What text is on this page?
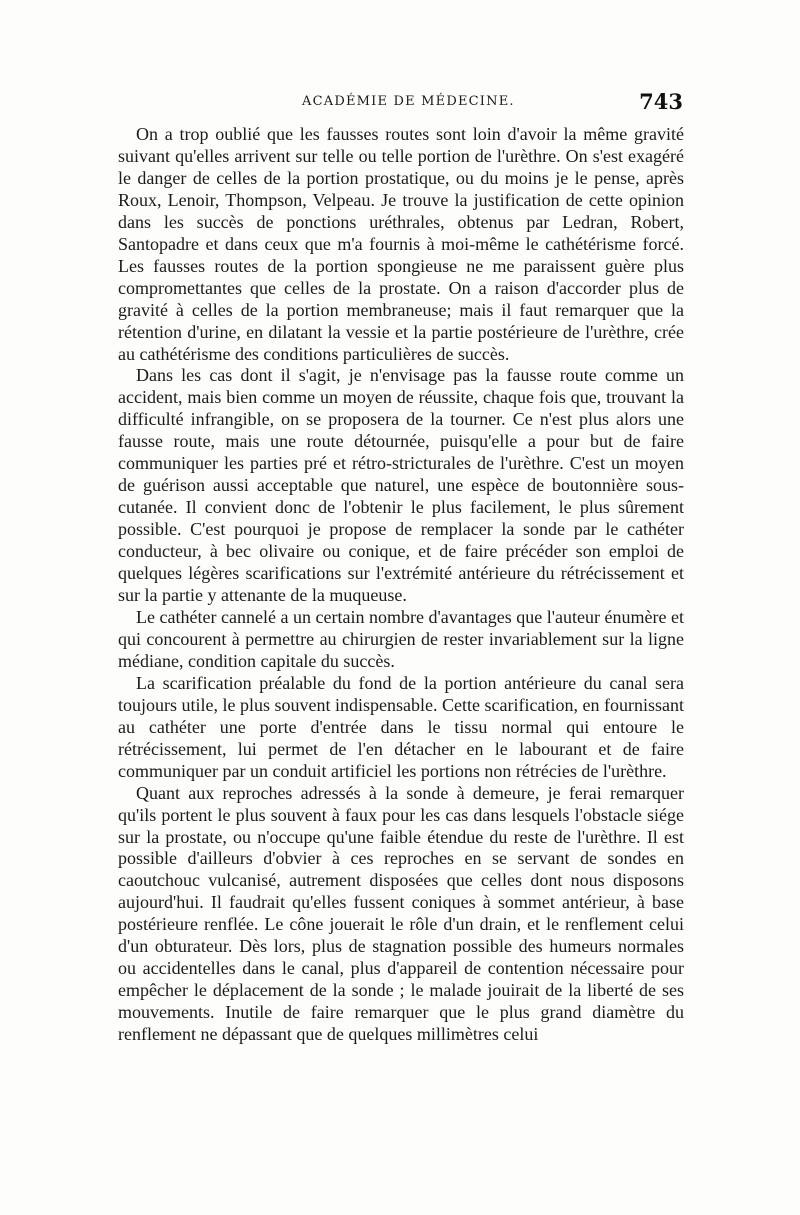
ACADÉMIE DE MÉDECINE.	743

On a trop oublié que les fausses routes sont loin d'avoir la même gravité suivant qu'elles arrivent sur telle ou telle portion de l'urèthre. On s'est exagéré le danger de celles de la portion prostatique, ou du moins je le pense, après Roux, Lenoir, Thompson, Velpeau. Je trouve la justification de cette opinion dans les succès de ponctions uréthrales, obtenus par Ledran, Robert, Santopadre et dans ceux que m'a fournis à moi-même le cathétérisme forcé. Les fausses routes de la portion spongieuse ne me paraissent guère plus compromettantes que celles de la prostate. On a raison d'accorder plus de gravité à celles de la portion membraneuse; mais il faut remarquer que la rétention d'urine, en dilatant la vessie et la partie postérieure de l'urèthre, crée au cathétérisme des conditions particulières de succès.

Dans les cas dont il s'agit, je n'envisage pas la fausse route comme un accident, mais bien comme un moyen de réussite, chaque fois que, trouvant la difficulté infrangible, on se proposera de la tourner. Ce n'est plus alors une fausse route, mais une route détournée, puisqu'elle a pour but de faire communiquer les parties pré et rétro-stricturales de l'urèthre. C'est un moyen de guérison aussi acceptable que naturel, une espèce de boutonnière sous-cutanée. Il convient donc de l'obtenir le plus facilement, le plus sûrement possible. C'est pourquoi je propose de remplacer la sonde par le cathéter conducteur, à bec olivaire ou conique, et de faire précéder son emploi de quelques légères scarifications sur l'extrémité antérieure du rétrécissement et sur la partie y attenante de la muqueuse.

Le cathéter cannelé a un certain nombre d'avantages que l'auteur énumère et qui concourent à permettre au chirurgien de rester invariablement sur la ligne médiane, condition capitale du succès.

La scarification préalable du fond de la portion antérieure du canal sera toujours utile, le plus souvent indispensable. Cette scarification, en fournissant au cathéter une porte d'entrée dans le tissu normal qui entoure le rétrécissement, lui permet de l'en détacher en le labourant et de faire communiquer par un conduit artificiel les portions non rétrécies de l'urèthre.

Quant aux reproches adressés à la sonde à demeure, je ferai remarquer qu'ils portent le plus souvent à faux pour les cas dans lesquels l'obstacle siége sur la prostate, ou n'occupe qu'une faible étendue du reste de l'urèthre. Il est possible d'ailleurs d'obvier à ces reproches en se servant de sondes en caoutchouc vulcanisé, autrement disposées que celles dont nous disposons aujourd'hui. Il faudrait qu'elles fussent coniques à sommet antérieur, à base postérieure renflée. Le cône jouerait le rôle d'un drain, et le renflement celui d'un obturateur. Dès lors, plus de stagnation possible des humeurs normales ou accidentelles dans le canal, plus d'appareil de contention nécessaire pour empêcher le déplacement de la sonde ; le malade jouirait de la liberté de ses mouvements. Inutile de faire remarquer que le plus grand diamètre du renflement ne dépassant que de quelques millimètres celui
